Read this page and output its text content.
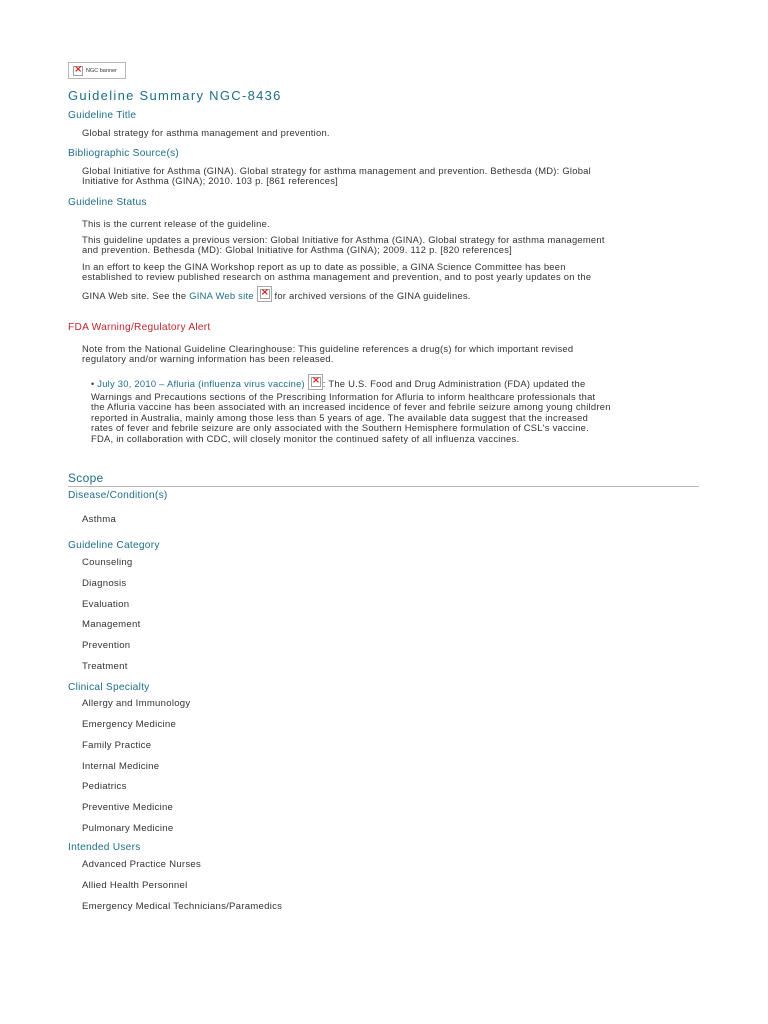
×
NGC banner
Guideline Summary NGC-8436
Guideline Title
Global strategy for asthma management and prevention.
Bibliographic Source(s)
Global Initiative for Asthma (GINA). Global strategy for asthma management and prevention. Bethesda (MD): Global
Initiative for Asthma (GINA); 2010. 103 p. [861 references]
Guideline Status
This is the current release of the guideline.
This guideline updates a previous version: Global Initiative for Asthma (GINA). Global strategy for asthma management
and prevention. Bethesda (MD): Global Initiative for Asthma (GINA); 2009. 112 p. [820 references]
In an effort to keep the GINA Workshop report as up to date as possible, a GINA Science Committee has been
established to review published research on asthma management and prevention, and to post yearly updates on the
GINA Web site. See the GINA Web site × for archived versions of the GINA guidelines.
FDA Warning/Regulatory Alert
Note from the National Guideline Clearinghouse: This guideline references a drug(s) for which important revised
regulatory and/or warning information has been released.
• July 30, 2010 – Afluria (influenza virus vaccine) × : The U.S. Food and Drug Administration (FDA) updated the
Warnings and Precautions sections of the Prescribing Information for Afluria to inform healthcare professionals that
the Afluria vaccine has been associated with an increased incidence of fever and febrile seizure among young children
reported in Australia, mainly among those less than 5 years of age. The available data suggest that the increased
rates of fever and febrile seizure are only associated with the Southern Hemisphere formulation of CSL's vaccine.
FDA, in collaboration with CDC, will closely monitor the continued safety of all influenza vaccines.
Scope
Disease/Condition(s)
Asthma
Guideline Category
Counseling
Diagnosis
Evaluation
Management
Prevention
Treatment
Clinical Specialty
Allergy and Immunology
Emergency Medicine
Family Practice
Internal Medicine
Pediatrics
Preventive Medicine
Pulmonary Medicine
Intended Users
Advanced Practice Nurses
Allied Health Personnel
Emergency Medical Technicians/Paramedics
